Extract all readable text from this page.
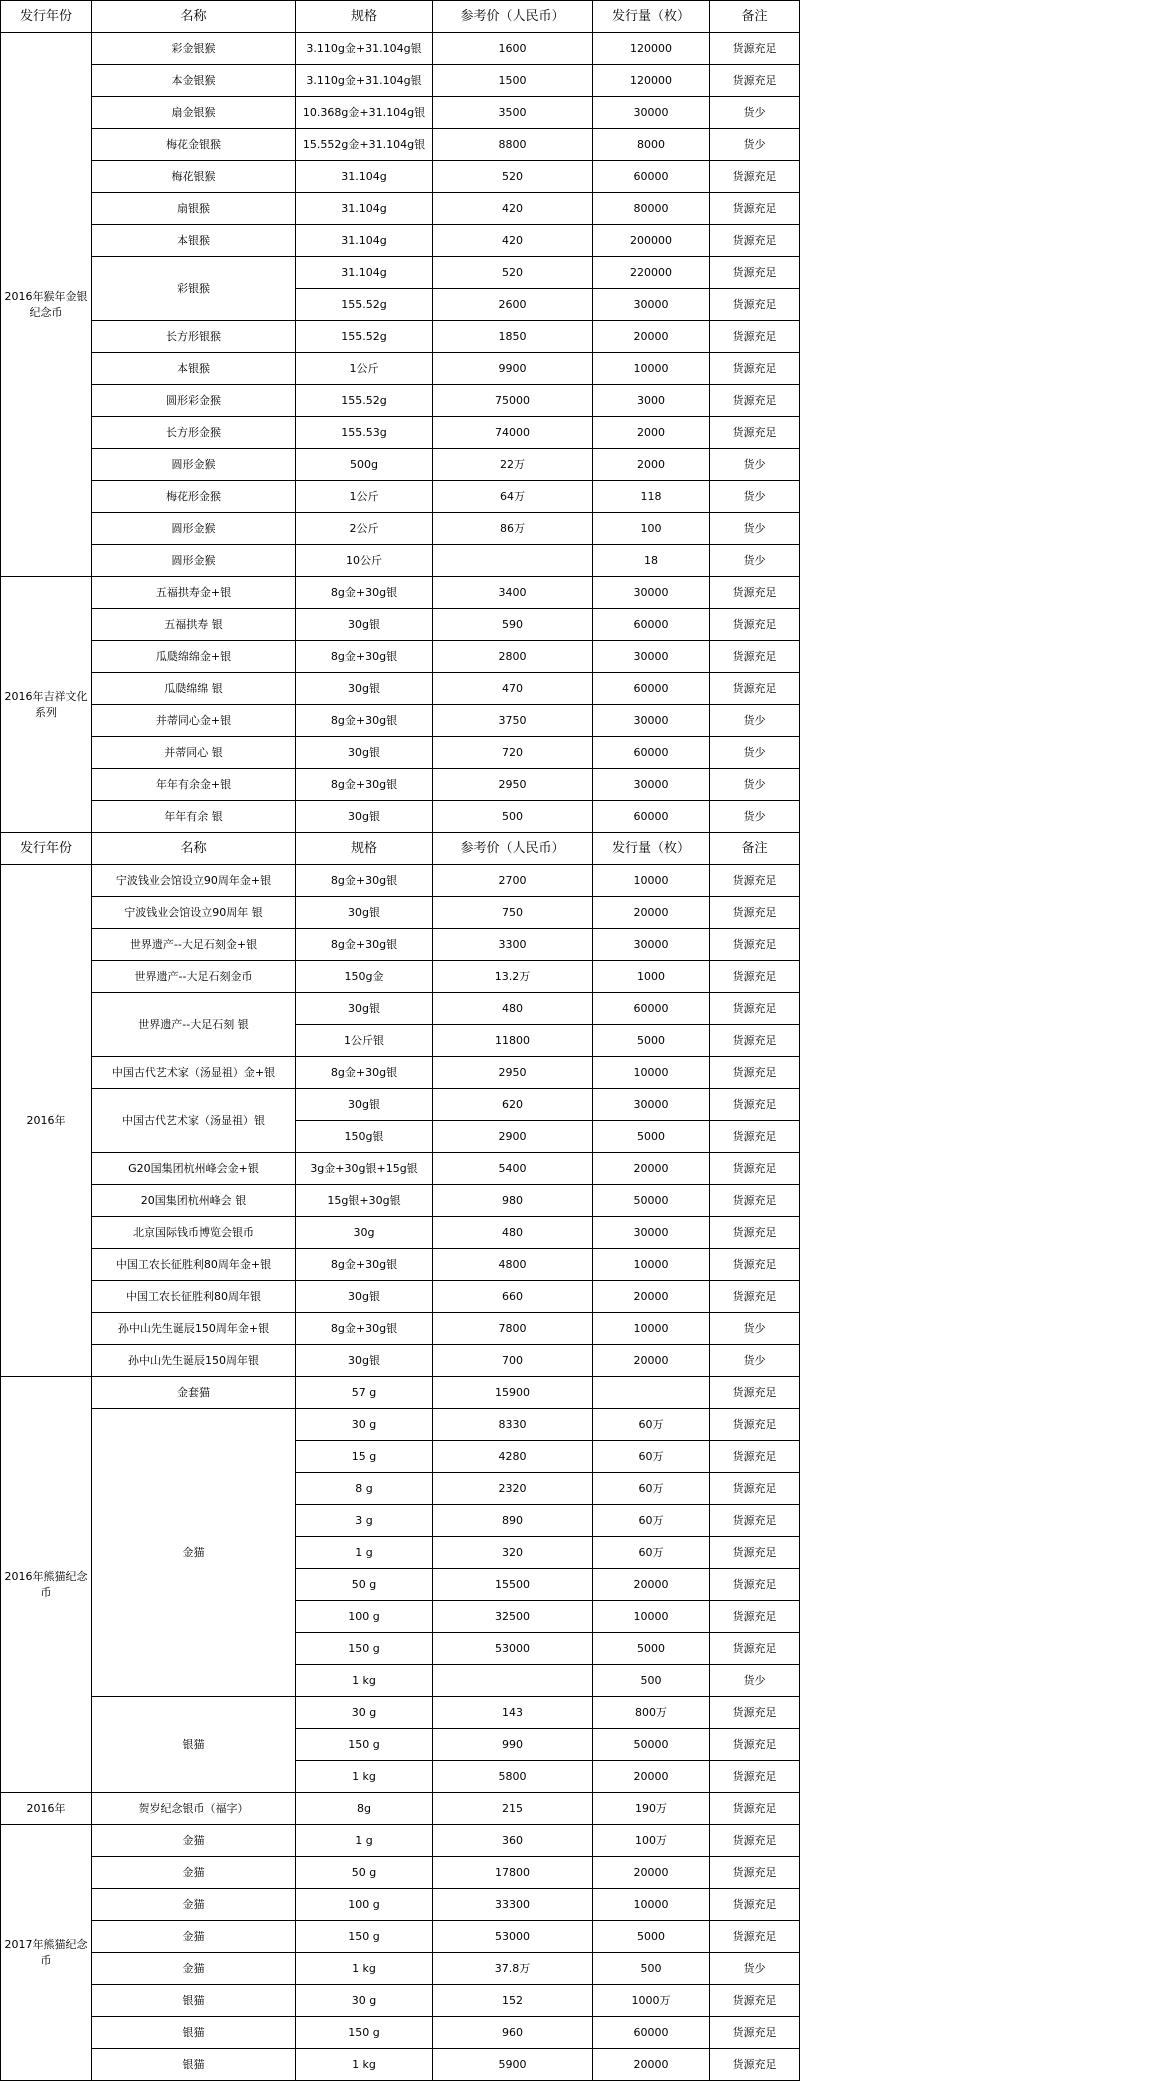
发行年份	名称	规格	参考价（人民币）	发行量（枚）	备注
2016年猴年金银纪念币	彩金银猴	3.110g金+31.104g银	1600	120000	货源充足
	本金银猴	3.110g金+31.104g银	1500	120000	货源充足
	扇金银猴	10.368g金+31.104g银	3500	30000	货少
	梅花金银猴	15.552g金+31.104g银	8800	8000	货少
	梅花银猴	31.104g	520	60000	货源充足
	扇银猴	31.104g	420	80000	货源充足
	本银猴	31.104g	420	200000	货源充足
	彩银猴	31.104g	520	220000	货源充足
		155.52g	2600	30000	货源充足
	长方形银猴	155.52g	1850	20000	货源充足
	本银猴	1公斤	9900	10000	货源充足
	圆形彩金猴	155.52g	75000	3000	货源充足
	长方形金猴	155.53g	74000	2000	货源充足
	圆形金猴	500g	22万	2000	货少
	梅花形金猴	1公斤	64万	118	货少
	圆形金猴	2公斤	86万	100	货少
	圆形金猴	10公斤		18	货少
2016年吉祥文化系列	五福拱寿金+银	8g金+30g银	3400	30000	货源充足
	五福拱寿 银	30g银	590	60000	货源充足
	瓜瓞绵绵金+银	8g金+30g银	2800	30000	货源充足
	瓜瓞绵绵 银	30g银	470	60000	货源充足
	并蒂同心金+银	8g金+30g银	3750	30000	货少
	并蒂同心 银	30g银	720	60000	货少
	年年有余金+银	8g金+30g银	2950	30000	货少
	年年有余 银	30g银	500	60000	货少
发行年份	名称	规格	参考价（人民币）	发行量（枚）	备注
2016年	宁波钱业会馆设立90周年金+银	8g金+30g银	2700	10000	货源充足
	宁波钱业会馆设立90周年 银	30g银	750	20000	货源充足
	世界遗产--大足石刻金+银	8g金+30g银	3300	30000	货源充足
	世界遗产--大足石刻金币	150g金	13.2万	1000	货源充足
	世界遗产--大足石刻 银	30g银	480	60000	货源充足
		1公斤银	11800	5000	货源充足
	中国古代艺术家（汤显祖）金+银	8g金+30g银	2950	10000	货源充足
	中国古代艺术家（汤显祖）银	30g银	620	30000	货源充足
		150g银	2900	5000	货源充足
	G20国集团杭州峰会金+银	3g金+30g银+15g银	5400	20000	货源充足
	20国集团杭州峰会 银	15g银+30g银	980	50000	货源充足
	北京国际钱币博览会银币	30g	480	30000	货源充足
	中国工农长征胜利80周年金+银	8g金+30g银	4800	10000	货源充足
	中国工农长征胜利80周年银	30g银	660	20000	货源充足
	孙中山先生诞辰150周年金+银	8g金+30g银	7800	10000	货少
	孙中山先生诞辰150周年银	30g银	700	20000	货少
2016年熊猫纪念币	金套猫	57 g	15900		货源充足
	金猫	30 g	8330	60万	货源充足
		15 g	4280	60万	货源充足
		8 g	2320	60万	货源充足
		3 g	890	60万	货源充足
		1 g	320	60万	货源充足
		50 g	15500	20000	货源充足
		100 g	32500	10000	货源充足
		150 g	53000	5000	货源充足
		1 kg		500	货少
	银猫	30 g	143	800万	货源充足
		150 g	990	50000	货源充足
		1 kg	5800	20000	货源充足
2016年	贺岁纪念银币（福字）	8g	215	190万	货源充足
2017年熊猫纪念币	金猫	1 g	360	100万	货源充足
	金猫	50 g	17800	20000	货源充足
	金猫	100 g	33300	10000	货源充足
	金猫	150 g	53000	5000	货源充足
	金猫	1 kg	37.8万	500	货少
	银猫	30 g	152	1000万	货源充足
	银猫	150 g	960	60000	货源充足
	银猫	1 kg	5900	20000	货源充足
